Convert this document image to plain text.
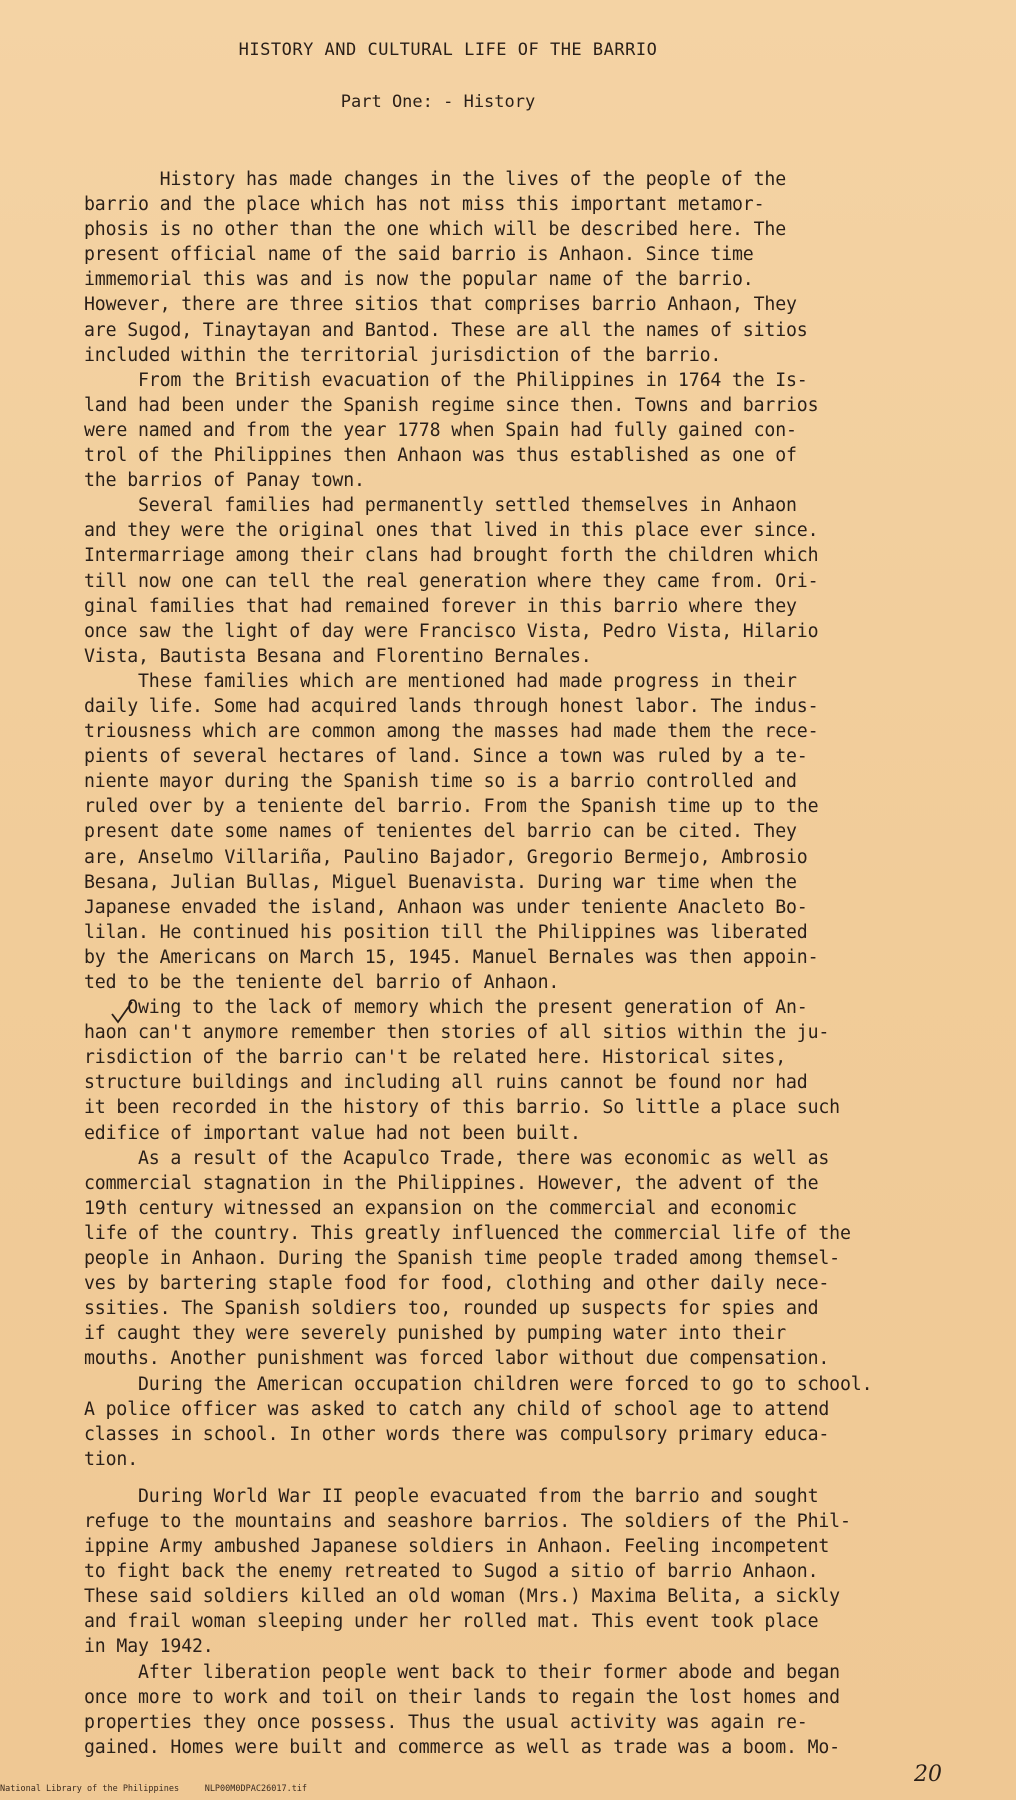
HISTORY AND CULTURAL LIFE OF THE BARRIO
Part One: - History
History has made changes in the lives of the people of the
barrio and the place which has not miss this important metamor-
phosis is no other than the one which will be described here. The
present official name of the said barrio is Anhaon. Since time
immemorial this was and is now the popular name of the barrio.
However, there are three sitios that comprises barrio Anhaon, They
are Sugod, Tinaytayan and Bantod. These are all the names of sitios
included within the territorial jurisdiction of the barrio.
From the British evacuation of the Philippines in 1764 the Is-
land had been under the Spanish regime since then. Towns and barrios
were named and from the year 1778 when Spain had fully gained con-
trol of the Philippines then Anhaon was thus established as one of
the barrios of Panay town.
Several families had permanently settled themselves in Anhaon
and they were the original ones that lived in this place ever since.
Intermarriage among their clans had brought forth the children which
till now one can tell the real generation where they came from. Ori-
ginal families that had remained forever in this barrio where they
once saw the light of day were Francisco Vista, Pedro Vista, Hilario
Vista, Bautista Besana and Florentino Bernales.
These families which are mentioned had made progress in their
daily life. Some had acquired lands through honest labor. The indus-
triousness which are common among the masses had made them the rece-
pients of several hectares of land. Since a town was ruled by a te-
niente mayor during the Spanish time so is a barrio controlled and
ruled over by a teniente del barrio. From the Spanish time up to the
present date some names of tenientes del barrio can be cited. They
are, Anselmo Villariña, Paulino Bajador, Gregorio Bermejo, Ambrosio
Besana, Julian Bullas, Miguel Buenavista. During war time when the
Japanese envaded the island, Anhaon was under teniente Anacleto Bo-
lilan. He continued his position till the Philippines was liberated
by the Americans on March 15, 1945. Manuel Bernales was then appoin-
ted to be the teniente del barrio of Anhaon.
Owing to the lack of memory which the present generation of An-
haon can't anymore remember then stories of all sitios within the ju-
risdiction of the barrio can't be related here. Historical sites,
structure buildings and including all ruins cannot be found nor had
it been recorded in the history of this barrio. So little a place such
edifice of important value had not been built.
As a result of the Acapulco Trade, there was economic as well as
commercial stagnation in the Philippines. However, the advent of the
19th century witnessed an expansion on the commercial and economic
life of the country. This greatly influenced the commercial life of the
people in Anhaon. During the Spanish time people traded among themsel-
ves by bartering staple food for food, clothing and other daily nece-
ssities. The Spanish soldiers too, rounded up suspects for spies and
if caught they were severely punished by pumping water into their
mouths. Another punishment was forced labor without due compensation.
During the American occupation children were forced to go to school.
A police officer was asked to catch any child of school age to attend
classes in school. In other words there was compulsory primary educa-
tion.
During World War II people evacuated from the barrio and sought
refuge to the mountains and seashore barrios. The soldiers of the Phil-
ippine Army ambushed Japanese soldiers in Anhaon. Feeling incompetent
to fight back the enemy retreated to Sugod a sitio of barrio Anhaon.
These said soldiers killed an old woman (Mrs.) Maxima Belita, a sickly
and frail woman sleeping under her rolled mat. This event took place
in May 1942.
After liberation people went back to their former abode and began
once more to work and toil on their lands to regain the lost homes and
properties they once possess. Thus the usual activity was again re-
gained. Homes were built and commerce as well as trade was a boom. Mo-
20
National Library of the Philippines     NLP00M0DPAC26017.tif
